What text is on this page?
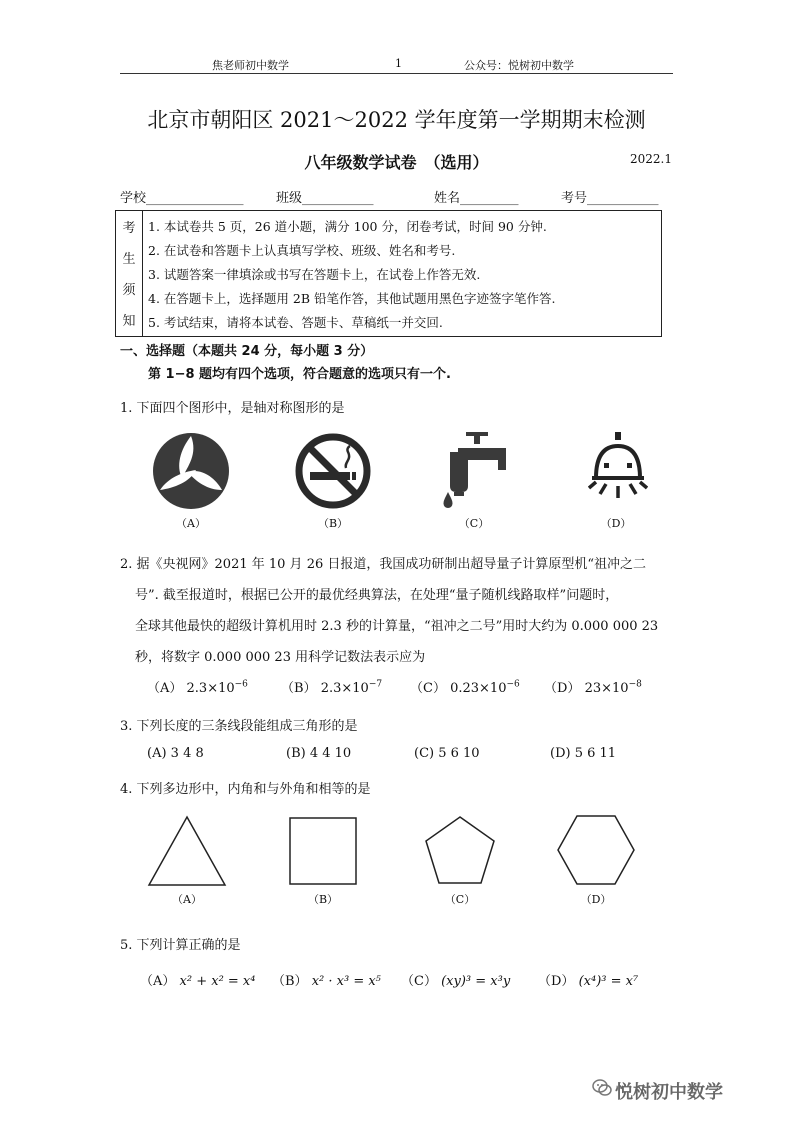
焦老师初中数学	1	公众号：悦树初中数学
北京市朝阳区 2021～2022 学年度第一学期期末检测
八年级数学试卷　（选用）	2022.1
学校_______________ 班级___________	姓名_________	考号___________
考
生
须
知
1. 本试卷共 5 页，26 道小题，满分 100 分，闭卷考试，时间 90 分钟.
2. 在试卷和答题卡上认真填写学校、班级、姓名和考号.
3. 试题答案一律填涂或书写在答题卡上，在试卷上作答无效.
4. 在答题卡上，选择题用 2B 铅笔作答，其他试题用黑色字迹签字笔作答.
5. 考试结束，请将本试卷、答题卡、草稿纸一并交回.
一、选择题（本题共 24 分，每小题 3 分）
第 1−8 题均有四个选项，符合题意的选项只有一个.
1. 下面四个图形中，是轴对称图形的是
（A）	（B）	（C）	（D）
2. 据《央视网》2021 年 10 月 26 日报道，我国成功研制出超导量子计算原型机“祖冲之二
号”. 截至报道时，根据已公开的最优经典算法，在处理“量子随机线路取样”问题时，
全球其他最快的超级计算机用时 2.3 秒的计算量，“祖冲之二号”用时大约为 0.000 000 23
秒，将数字 0.000 000 23 用科学记数法表示应为
（A） $2.3\times 10^{-6}$	（B） $2.3\times 10^{-7}$ （C） $0.23\times 10^{-6}$ （D） $23\times 10^{-8}$
3. 下列长度的三条线段能组成三角形的是
(A) 3 4 8	(B) 4 4 10	(C) 5 6 10	(D) 5 6 11
4. 下列多边形中，内角和与外角和相等的是
（A）	（B）	（C）	（D）
5. 下列计算正确的是
（A） x² + x² = x⁴ （B） x² · x³ = x⁵ （C） (xy)³ = x³y （D） (x⁴)³ = x⁷
悦树初中数学
